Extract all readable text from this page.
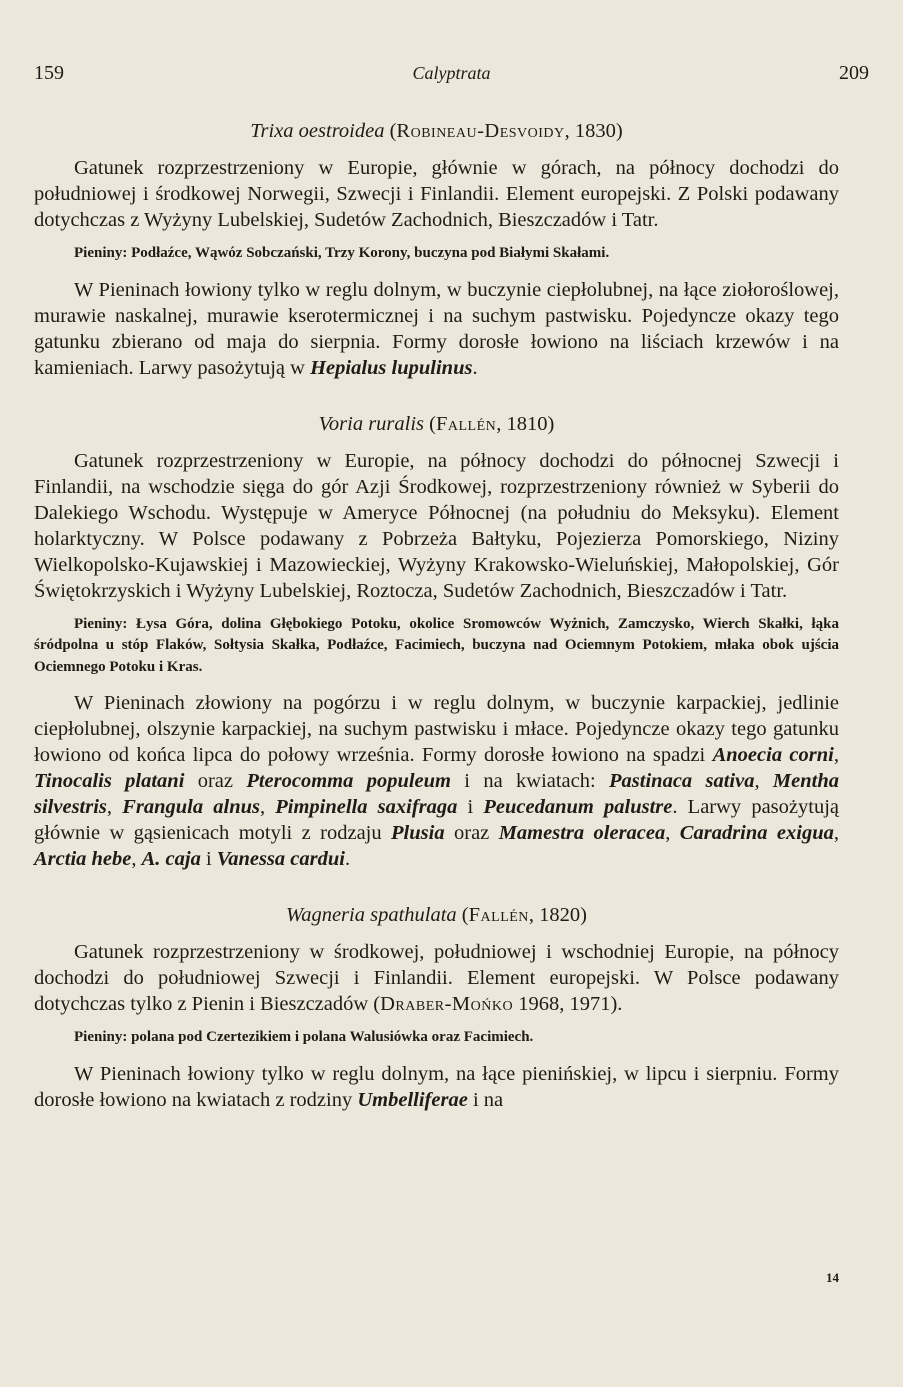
159	Calyptrata	209
Trixa oestroidea (Robineau-Desvoidy, 1830)

Gatunek rozprzestrzeniony w Europie, głównie w górach, na północy dochodzi do południowej i środkowej Norwegii, Szwecji i Finlandii. Element europejski. Z Polski podawany dotychczas z Wyżyny Lubelskiej, Sudetów Zachodnich, Bieszczadów i Tatr.

Pieniny: Podłaźce, Wąwóz Sobczański, Trzy Korony, buczyna pod Białymi Skałami.

W Pieninach łowiony tylko w reglu dolnym, w buczynie ciepłolubnej, na łące ziołoroślowej, murawie naskalnej, murawie kserotermicznej i na suchym pastwisku. Pojedyncze okazy tego gatunku zbierano od maja do sierpnia. Formy dorosłe łowiono na liściach krzewów i na kamieniach. Larwy pasożytują w Hepialus lupulinus.

Voria ruralis (Fallén, 1810)

Gatunek rozprzestrzeniony w Europie, na północy dochodzi do północnej Szwecji i Finlandii, na wschodzie sięga do gór Azji Środkowej, rozprzestrzeniony również w Syberii do Dalekiego Wschodu. Występuje w Ameryce Północnej (na południu do Meksyku). Element holarktyczny. W Polsce podawany z Pobrzeża Bałtyku, Pojezierza Pomorskiego, Niziny Wielkopolsko-Kujawskiej i Mazowieckiej, Wyżyny Krakowsko-Wieluńskiej, Małopolskiej, Gór Świętokrzyskich i Wyżyny Lubelskiej, Roztocza, Sudetów Zachodnich, Bieszczadów i Tatr.

Pieniny: Łysa Góra, dolina Głębokiego Potoku, okolice Sromowców Wyżnich, Zamczysko, Wierch Skałki, łąka śródpolna u stóp Flaków, Sołtysia Skałka, Podłaźce, Facimiech, buczyna nad Ociemnym Potokiem, młaka obok ujścia Ociemnego Potoku i Kras.

W Pieninach złowiony na pogórzu i w reglu dolnym, w buczynie karpackiej, jedlinie ciepłolubnej, olszynie karpackiej, na suchym pastwisku i młace. Pojedyncze okazy tego gatunku łowiono od końca lipca do połowy września. Formy dorosłe łowiono na spadzi Anoecia corni, Tinocalis platani oraz Pterocomma populeum i na kwiatach: Pastinaca sativa, Mentha silvestris, Frangula alnus, Pimpinella saxifraga i Peucedanum palustre. Larwy pasożytują głównie w gąsienicach motyli z rodzaju Plusia oraz Mamestra oleracea, Caradrina exigua, Arctia hebe, A. caja i Vanessa cardui.

Wagneria spathulata (Fallén, 1820)

Gatunek rozprzestrzeniony w środkowej, południowej i wschodniej Europie, na północy dochodzi do południowej Szwecji i Finlandii. Element europejski. W Polsce podawany dotychczas tylko z Pienin i Bieszczadów (Draber-Mońko 1968, 1971).

Pieniny: polana pod Czertezikiem i polana Walusiówka oraz Facimiech.

W Pieninach łowiony tylko w reglu dolnym, na łące pienińskiej, w lipcu i sierpniu. Formy dorosłe łowiono na kwiatach z rodziny Umbelliferae i na

14
